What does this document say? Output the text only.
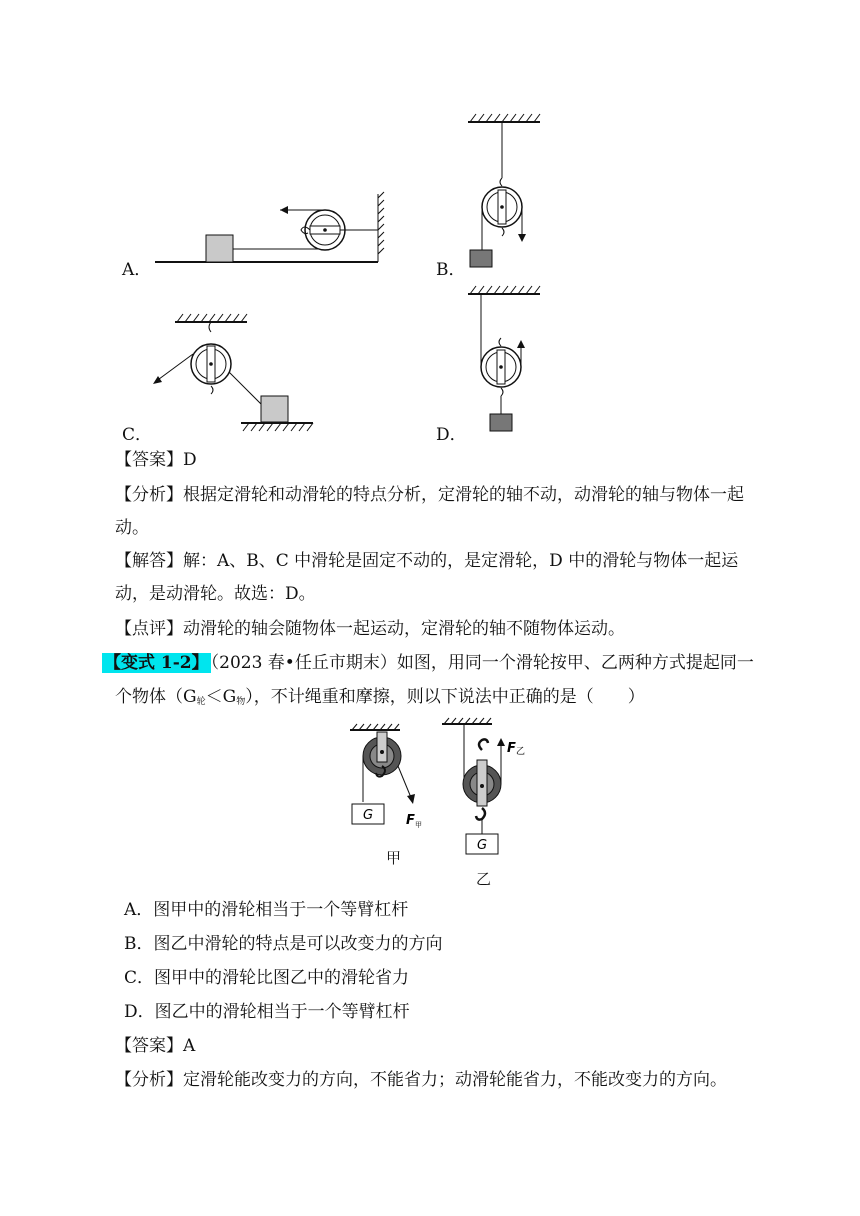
A．	B．
C．	D．
【答案】D
【分析】根据定滑轮和动滑轮的特点分析，定滑轮的轴不动，动滑轮的轴与物体一起
动。
【解答】解：A、B、C 中滑轮是固定不动的，是定滑轮，D 中的滑轮与物体一起运
动，是动滑轮。故选：D。
【点评】动滑轮的轴会随物体一起运动，定滑轮的轴不随物体运动。
【变式 1-2】 （2023 春•任丘市期末）如图，用同一个滑轮按甲、乙两种方式提起同一
个物体$(G_轮<G_物)$，不计绳重和摩擦，则以下说法中正确的是（　　）
G	F 甲
甲
G
F 乙
乙
A．图甲中的滑轮相当于一个等臂杠杆
B．图乙中滑轮的特点是可以改变力的方向
C．图甲中的滑轮比图乙中的滑轮省力
D．图乙中的滑轮相当于一个等臂杠杆
【答案】A
【分析】定滑轮能改变力的方向，不能省力；动滑轮能省力，不能改变力的方向。
